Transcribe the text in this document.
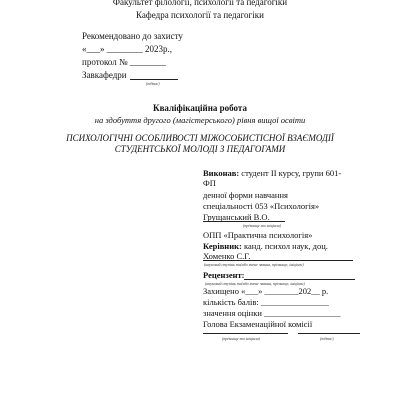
Факультет філології, психології та педагогіки
Кафедра психології та педагогіки
Рекомендовано до захисту
«___» ________ 2023р.,
протокол № ________
Завкафедри
(підпис)
Кваліфікаційна робота
на здобуття другого (магістерського) рівня вищої освіти
ПСИХОЛОГІЧНІ ОСОБЛИВОСТІ МІЖОСОБИСТІСНОЇ ВЗАЄМОДІЇ
СТУДЕНТСЬКОЇ МОЛОДІ З ПЕДАГОГАМИ
Виконав: студент ІІ курсу, групи 601-
ФП
денної форми навчання
спеціальності 053 «Психологія»
Грущанський В.О.
(прізвище та ініціали)
ОПП «Практична психологія»
Керівник: канд. психол наук, доц.
Хоменко С.Г.
(науковий ступінь та/або вчене звання, прізвище, ініціали)
Рецензент:
(науковий ступінь та/або вчене звання, прізвище, ініціали)
Захищено «___» ________202__ р.
кількість балів: ________________
значення оцінки __________________
Голова Екзаменаційної комісії
(прізвище та ініціали)	(підпис)
